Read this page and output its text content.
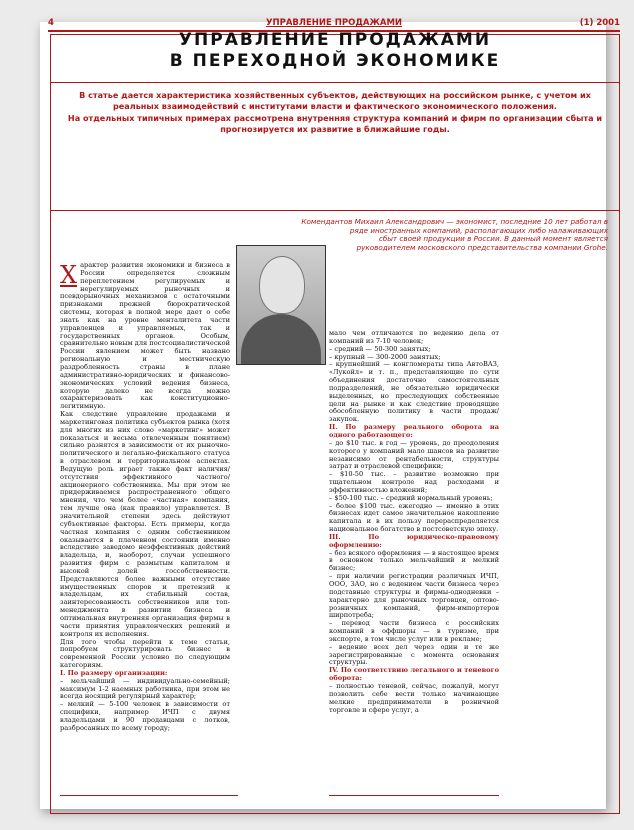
4	УПРАВЛЕНИЕ ПРОДАЖАМИ	(1) 2001
УПРАВЛЕНИЕ ПРОДАЖАМИ
В ПЕРЕХОДНОЙ ЭКОНОМИКЕ
В статье дается характеристика хозяйственных субъектов, действующих на российском рынке, с учетом их реальных взаимодействий с институтами власти и фактического экономического положения.
На отдельных типичных примерах рассмотрена внутренняя структура компаний и фирм по организации сбыта и прогнозируется их развитие в ближайшие годы.
Комендантов Михаил Александрович — экономист, последние 10 лет работал в
ряде иностранных компаний, располагающих либо налаживающих сбыт своей продукции в России. В данный момент является руководителем московского представительства компании Grohe.

Характер развития экономики и бизнеса в России определяется сложным переплетением регулируемых и нерегулируемых рыночных и псевдорыночных механизмов с остаточными признаками прежней бюрократической системы, которая в полной мере дает о себе знать как на уровне менталитета части управленцев и управляемых, так и государственных органов. Особым, сравнительно новым для постсоциалистической России явлением может быть названо региональную и местническую раздробленность страны в плане административно-юридических и финансово-экономических условий ведения бизнеса, которую далеко не всегда можно охарактеризовать как конституционно-легитимную.

Как следствие управление продажами и маркетинговая политика субъектов рынка (хотя для многих из них слово «маркетинг» может показаться и весьма отвлеченным понятием) сильно разнятся в зависимости от их рыночно-политического и легально-фискального статуса в отраслевом и территориальном аспектах. Ведущую роль играет также факт наличия/отсутствия эффективного частного/акционерного собственника. Мы при этом не придерживаемся распространенного общего мнения, что чем более «частная» компания, тем лучше она (как правило) управляется. В значительной степени здесь действуют субъективные факторы. Есть примеры, когда частная компания с одним собственником оказывается в плачевном состоянии именно вследствие заведомо неэффективных действий владельца, и, наоборот, случаи успешного развития фирм с размытым капиталом и высокой долей госсобственности. Представляются более важными отсутствие имущественных споров и претензий к владельцам, их стабильный состав, заинтересованность собственников или топ-менеджмента в развитии бизнеса и оптимальная внутренняя организация фирмы в части принятия управленческих решений и контроля их исполнения.

Для того чтобы перейти к теме статьи, попробуем структурировать бизнес в современной России условно по следующим категориям.

I. По размеру организации:

– мельчайший — индивидуально-семейный; максимум 1-2 наемных работника, при этом не всегда носящий регулярный характер;

– мелкий — 5-100 человек в зависимости от специфики, например ИЧП с двумя владельцами и 90 продавцами с лотков, разбросанных по всему городу;

мало чем отличаются по ведению дела от компаний из 7-10 человек;

– средний — 50-300 занятых;

– крупный — 300-2000 занятых;

– крупнейший — конгломераты типа АвтоВАЗ, «Лукойл» и т. п., представляющие по сути объединения достаточно самостоятельных подразделений, не обязательно юридически выделенных, но преследующих собственные цели на рынке и как следствие проводящие обособленную политику в части продаж/закупок.

II. По размеру реального оборота на одного работающего:

– до $10 тыс. в год — уровень, до преодоления которого у компаний мало шансов на развитие независимо от рентабельности, структуры затрат и отраслевой специфики;

– $10-50 тыс. – развитие возможно при тщательном контроле над расходами и эффективностью вложений;

– $50-100 тыс. – средний нормальный уровень;

– более $100 тыс. ежегодно — именно в этих бизнесах идет самое значительное накопление капитала и в их пользу перераспределяется национальное богатство в постсоветскую эпоху.

III. По юридическо-правовому оформлению:

– без всякого оформления — в настоящее время в основном только мельчайший и мелкий бизнес;

– при наличии регистрации различных ИЧП, ООО, ЗАО, но с ведением части бизнеса через подставные структуры и фирмы-однодневки – характерно для рыночных торговцев, оптово-розничных компаний, фирм-импортеров ширпотреба;

– перевод части бизнеса с российских компаний в оффшоры — в туризме, при экспорте, в том числе услуг или в рекламе;

– ведение всех дел через один и те же зарегистрированные с момента основания структуры.

IV. По соответствию легального и теневого оборота:

– полностью теневой, сейчас, пожалуй, могут позволить себе вести только начинающие мелкие предприниматели в розничной торговле и сфере услуг, а
